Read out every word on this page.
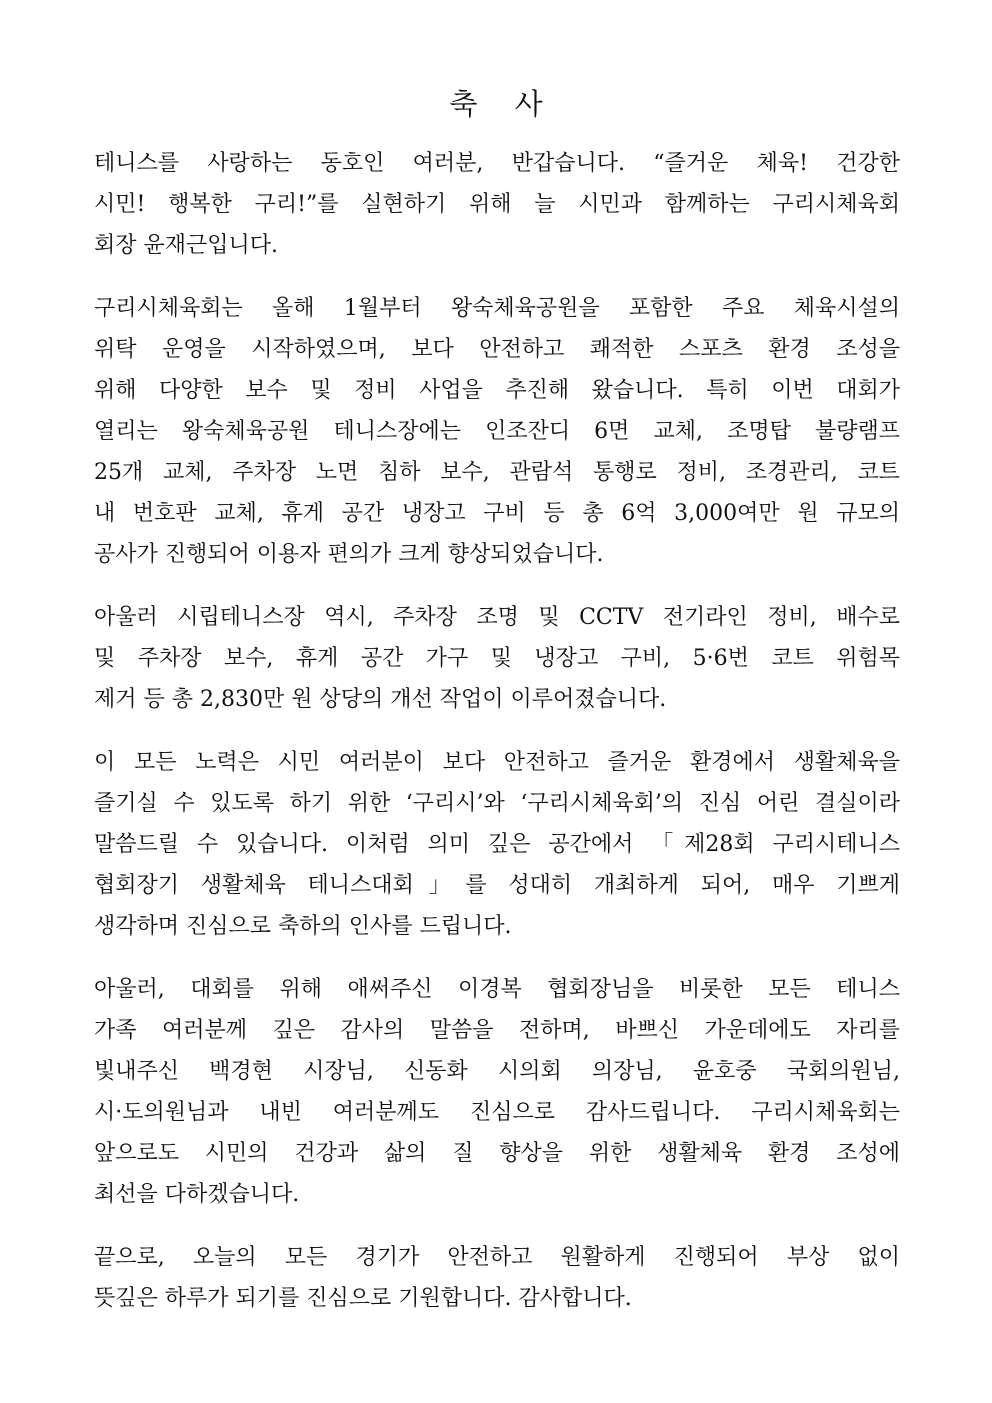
축 사

테니스를 사랑하는 동호인 여러분, 반갑습니다. “즐거운 체육! 건강한
시민! 행복한 구리!”를 실현하기 위해 늘 시민과 함께하는 구리시체육회
회장 윤재근입니다.

구리시체육회는 올해 1월부터 왕숙체육공원을 포함한 주요 체육시설의
위탁 운영을 시작하였으며, 보다 안전하고 쾌적한 스포츠 환경 조성을
위해 다양한 보수 및 정비 사업을 추진해 왔습니다. 특히 이번 대회가
열리는 왕숙체육공원 테니스장에는 인조잔디 6면 교체, 조명탑 불량램프
25개 교체, 주차장 노면 침하 보수, 관람석 통행로 정비, 조경관리, 코트
내 번호판 교체, 휴게 공간 냉장고 구비 등 총 6억 3,000여만 원 규모의
공사가 진행되어 이용자 편의가 크게 향상되었습니다.

아울러 시립테니스장 역시, 주차장 조명 및 CCTV 전기라인 정비, 배수로
및 주차장 보수, 휴게 공간 가구 및 냉장고 구비, 5·6번 코트 위험목
제거 등 총 2,830만 원 상당의 개선 작업이 이루어졌습니다.

이 모든 노력은 시민 여러분이 보다 안전하고 즐거운 환경에서 생활체육을
즐기실 수 있도록 하기 위한 ‘구리시’와 ‘구리시체육회’의 진심 어린 결실이라
말씀드릴 수 있습니다. 이처럼 의미 깊은 공간에서 「제28회 구리시테니스
협회장기 생활체육 테니스대회」를 성대히 개최하게 되어, 매우 기쁘게
생각하며 진심으로 축하의 인사를 드립니다.

아울러, 대회를 위해 애써주신 이경복 협회장님을 비롯한 모든 테니스
가족 여러분께 깊은 감사의 말씀을 전하며, 바쁘신 가운데에도 자리를
빛내주신 백경현 시장님, 신동화 시의회 의장님, 윤호중 국회의원님,
시·도의원님과 내빈 여러분께도 진심으로 감사드립니다. 구리시체육회는
앞으로도 시민의 건강과 삶의 질 향상을 위한 생활체육 환경 조성에
최선을 다하겠습니다.

끝으로, 오늘의 모든 경기가 안전하고 원활하게 진행되어 부상 없이
뜻깊은 하루가 되기를 진심으로 기원합니다. 감사합니다.
